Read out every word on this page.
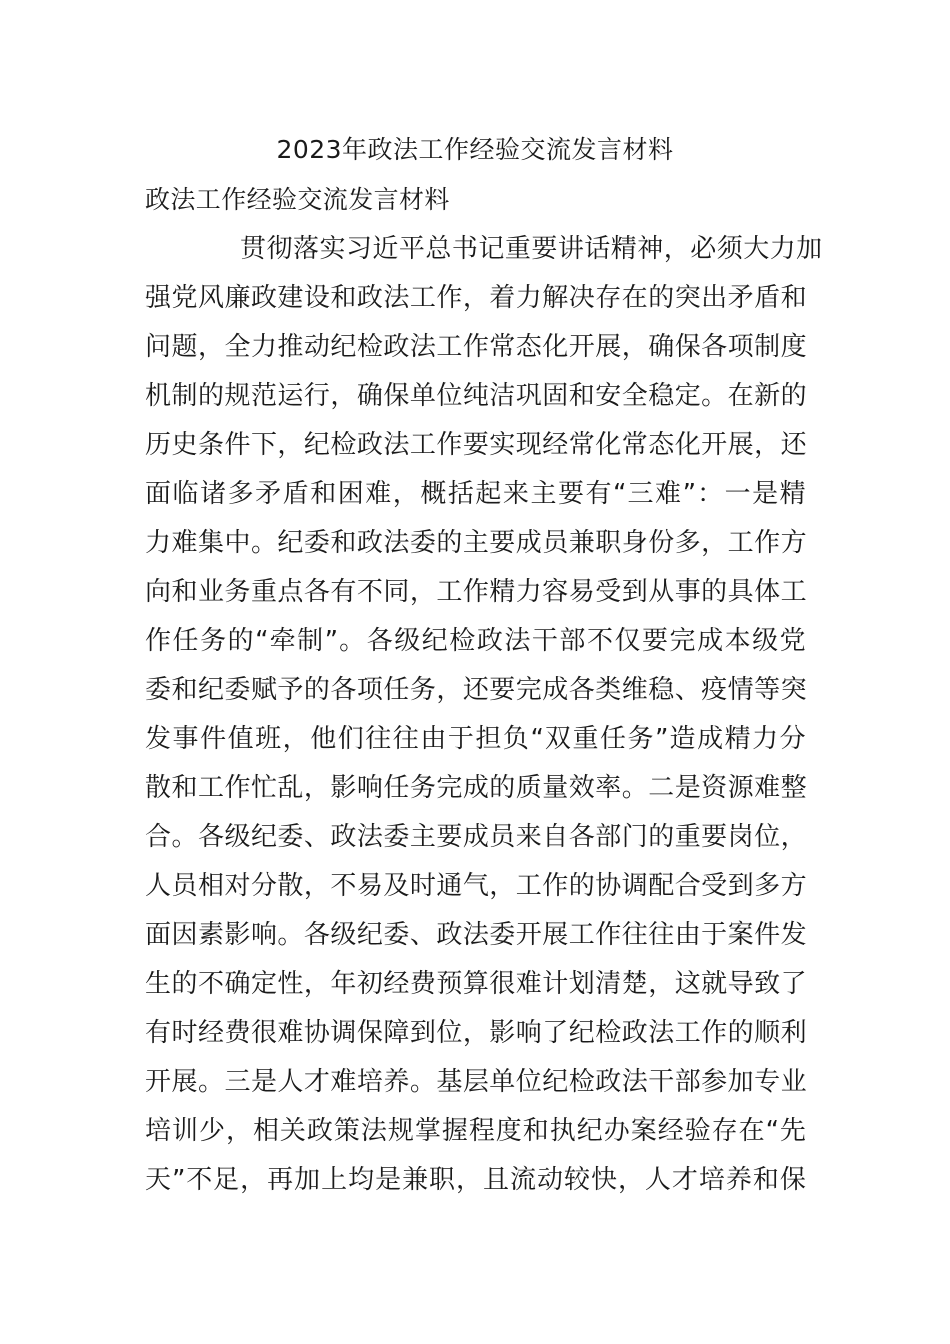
2023年政法工作经验交流发言材料
政法工作经验交流发言材料
贯 彻 落 实 习 近 平 总 书 记 重 要 讲 话 精 神 ， 必 须 大 力 加
强 党 风 廉 政 建 设 和 政 法 工 作 ， 着 力 解 决 存 在 的 突 出 矛 盾 和
问 题 ， 全 力 推 动 纪 检 政 法 工 作 常 态 化 开 展 ， 确 保 各 项 制 度
机 制 的 规 范 运 行 ， 确 保 单 位 纯 洁 巩 固 和 安 全 稳 定 。 在 新 的
历 史 条 件 下 ， 纪 检 政 法 工 作 要 实 现 经 常 化 常 态 化 开 展 ， 还
面 临 诸 多 矛 盾 和 困 难 ， 概 括 起 来 主 要 有 “ 三 难 ” ： 一 是 精
力 难 集 中 。 纪 委 和 政 法 委 的 主 要 成 员 兼 职 身 份 多 ， 工 作 方
向 和 业 务 重 点 各 有 不 同 ， 工 作 精 力 容 易 受 到 从 事 的 具 体 工
作 任 务 的 “ 牵 制 ” 。 各 级 纪 检 政 法 干 部 不 仅 要 完 成 本 级 党
委 和 纪 委 赋 予 的 各 项 任 务 ， 还 要 完 成 各 类 维 稳 、 疫 情 等 突
发 事 件 值 班 ， 他 们 往 往 由 于 担 负 “ 双 重 任 务 ” 造 成 精 力 分
散 和 工 作 忙 乱 ， 影 响 任 务 完 成 的 质 量 效 率 。 二 是 资 源 难 整
合 。 各 级 纪 委 、 政 法 委 主 要 成 员 来 自 各 部 门 的 重 要 岗 位 ，
人 员 相 对 分 散 ， 不 易 及 时 通 气 ， 工 作 的 协 调 配 合 受 到 多 方
面 因 素 影 响 。 各 级 纪 委 、 政 法 委 开 展 工 作 往 往 由 于 案 件 发
生 的 不 确 定 性 ， 年 初 经 费 预 算 很 难 计 划 清 楚 ， 这 就 导 致 了
有 时 经 费 很 难 协 调 保 障 到 位 ， 影 响 了 纪 检 政 法 工 作 的 顺 利
开 展 。 三 是 人 才 难 培 养 。 基 层 单 位 纪 检 政 法 干 部 参 加 专 业
培 训 少 ， 相 关 政 策 法 规 掌 握 程 度 和 执 纪 办 案 经 验 存 在 “ 先
天 ” 不 足 ， 再 加 上 均 是 兼 职 ， 且 流 动 较 快 ， 人 才 培 养 和 保
